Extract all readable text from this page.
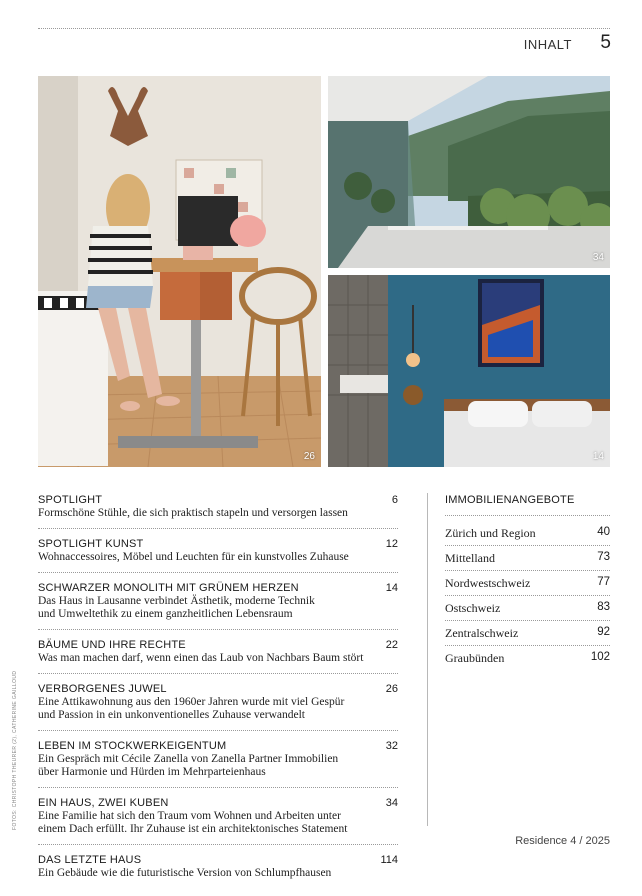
INHALT 5
26
34
14
FOTOS: CHRISTOPH THEURER (2), CATHERINE GAILLOUD
SPOTLIGHT	6
Formschöne Stühle, die sich praktisch stapeln und versorgen lassen
SPOTLIGHT KUNST	12
Wohnaccessoires, Möbel und Leuchten für ein kunstvolles Zuhause
SCHWARZER MONOLITH MIT GRÜNEM HERZEN	14
Das Haus in Lausanne verbindet Ästhetik, moderne Technik
und Umweltethik zu einem ganzheitlichen Lebensraum
BÄUME UND IHRE RECHTE	22
Was man machen darf, wenn einen das Laub von Nachbars Baum stört
VERBORGENES JUWEL	26
Eine Attikawohnung aus den 1960er Jahren wurde mit viel Gespür
und Passion in ein unkonventionelles Zuhause verwandelt
LEBEN IM STOCKWERKEIGENTUM	32
Ein Gespräch mit Cécile Zanella von Zanella Partner Immobilien
über Harmonie und Hürden im Mehrparteienhaus
EIN HAUS, ZWEI KUBEN	34
Eine Familie hat sich den Traum vom Wohnen und Arbeiten unter
einem Dach erfüllt. Ihr Zuhause ist ein architektonisches Statement
DAS LETZTE HAUS	114
Ein Gebäude wie die futuristische Version von Schlumpfhausen
IMMOBILIENANGEBOTE
Zürich und Region	40
Mittelland	73
Nordwestschweiz	77
Ostschweiz	83
Zentralschweiz	92
Graubünden	102
Residence 4 / 2025
